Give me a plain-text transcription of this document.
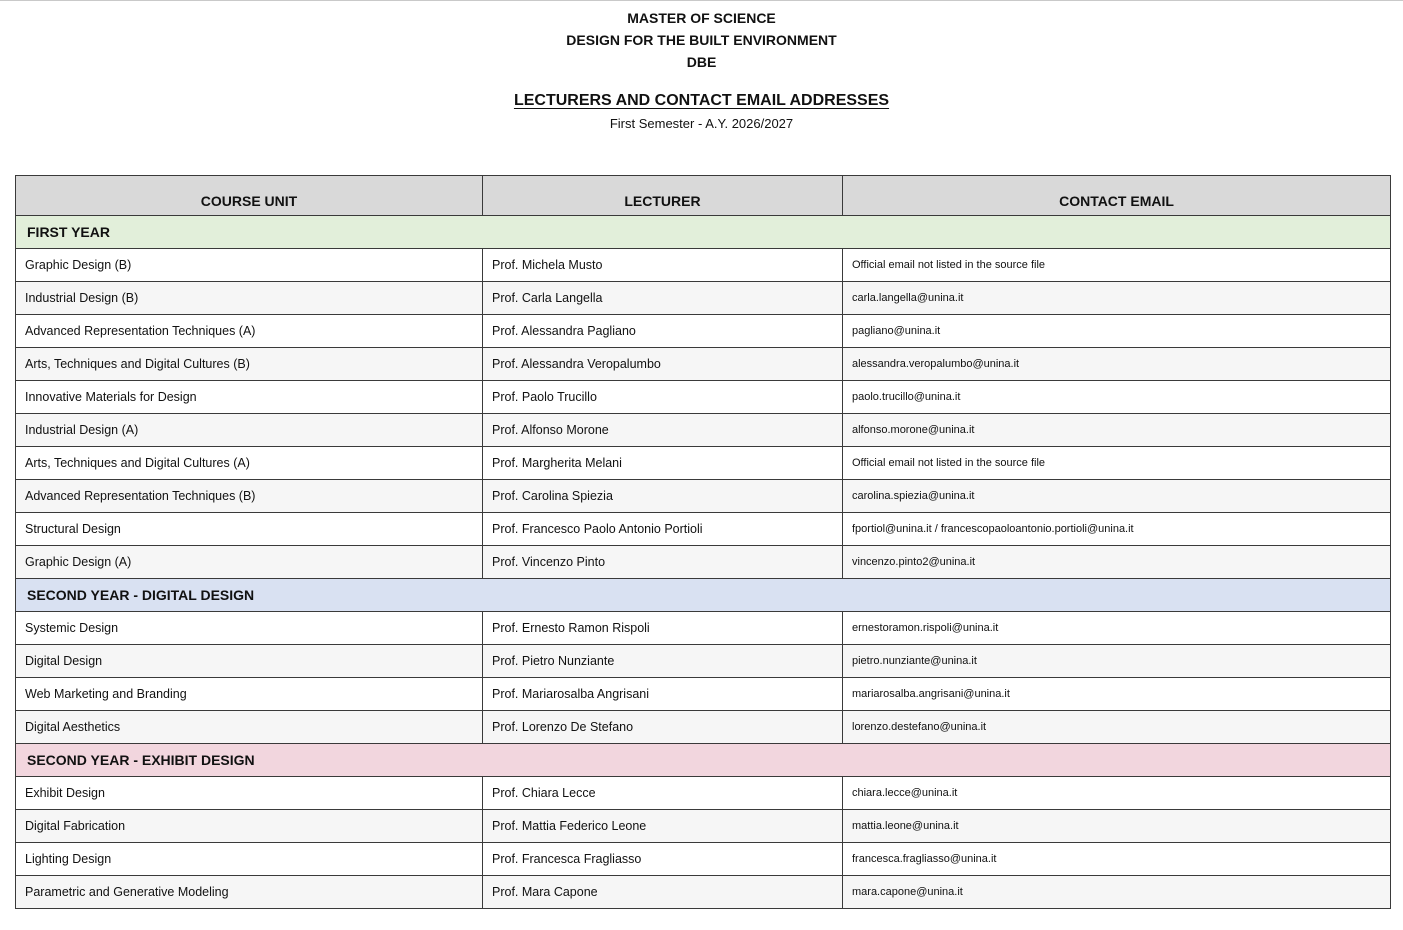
MASTER OF SCIENCE
DESIGN FOR THE BUILT ENVIRONMENT
DBE
LECTURERS AND CONTACT EMAIL ADDRESSES
First Semester - A.Y. 2026/2027
COURSE UNIT	LECTURER	CONTACT EMAIL
FIRST YEAR		
Graphic Design (B)	Prof. Michela Musto	Official email not listed in the source file
Industrial Design (B)	Prof. Carla Langella	carla.langella@unina.it
Advanced Representation Techniques (A)	Prof. Alessandra Pagliano	pagliano@unina.it
Arts, Techniques and Digital Cultures (B)	Prof. Alessandra Veropalumbo	alessandra.veropalumbo@unina.it
Innovative Materials for Design	Prof. Paolo Trucillo	paolo.trucillo@unina.it
Industrial Design (A)	Prof. Alfonso Morone	alfonso.morone@unina.it
Arts, Techniques and Digital Cultures (A)	Prof. Margherita Melani	Official email not listed in the source file
Advanced Representation Techniques (B)	Prof. Carolina Spiezia	carolina.spiezia@unina.it
Structural Design	Prof. Francesco Paolo Antonio Portioli	fportiol@unina.it / francescopaoloantonio.portioli@unina.it
Graphic Design (A)	Prof. Vincenzo Pinto	vincenzo.pinto2@unina.it
SECOND YEAR - DIGITAL DESIGN		
Systemic Design	Prof. Ernesto Ramon Rispoli	ernestoramon.rispoli@unina.it
Digital Design	Prof. Pietro Nunziante	pietro.nunziante@unina.it
Web Marketing and Branding	Prof. Mariarosalba Angrisani	mariarosalba.angrisani@unina.it
Digital Aesthetics	Prof. Lorenzo De Stefano	lorenzo.destefano@unina.it
SECOND YEAR - EXHIBIT DESIGN		
Exhibit Design	Prof. Chiara Lecce	chiara.lecce@unina.it
Digital Fabrication	Prof. Mattia Federico Leone	mattia.leone@unina.it
Lighting Design	Prof. Francesca Fragliasso	francesca.fragliasso@unina.it
Parametric and Generative Modeling	Prof. Mara Capone	mara.capone@unina.it
